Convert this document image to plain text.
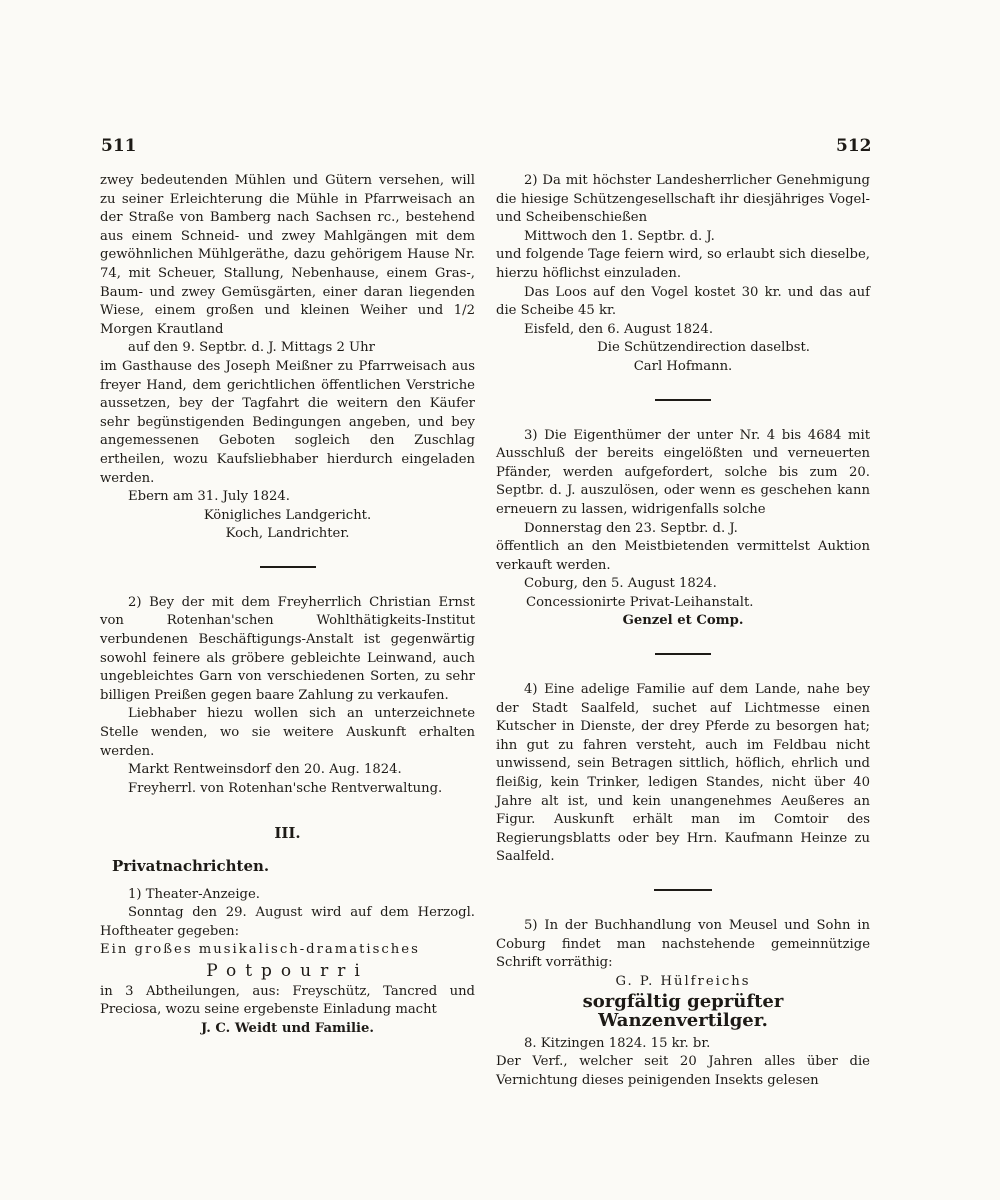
511	512

zwey bedeutenden Mühlen und Gütern versehen, will zu seiner Erleichterung die Mühle in Pfarrweisach an der Straße von Bamberg nach Sachsen rc., bestehend aus einem Schneid- und zwey Mahlgängen mit dem gewöhnlichen Mühlgeräthe, dazu gehörigem Hause Nr. 74, mit Scheuer, Stallung, Nebenhause, einem Gras-, Baum- und zwey Gemüsgärten, einer daran liegenden Wiese, einem großen und kleinen Weiher und 1/2 Morgen Krautland

auf den 9. Septbr. d. J. Mittags 2 Uhr

im Gasthause des Joseph Meißner zu Pfarrweisach aus freyer Hand, dem gerichtlichen öffentlichen Verstriche aussetzen, bey der Tagfahrt die weitern den Käufer sehr begünstigenden Bedingungen angeben, und bey angemessenen Geboten sogleich den Zuschlag ertheilen, wozu Kaufsliebhaber hierdurch eingeladen werden.

Ebern am 31. July 1824.

Königliches Landgericht.

Koch, Landrichter.

2) Bey der mit dem Freyherrlich Christian Ernst von Rotenhan'schen Wohlthätigkeits-Institut verbundenen Beschäftigungs-Anstalt ist gegenwärtig sowohl feinere als gröbere gebleichte Leinwand, auch ungebleichtes Garn von verschiedenen Sorten, zu sehr billigen Preißen gegen baare Zahlung zu verkaufen.

Liebhaber hiezu wollen sich an unterzeichnete Stelle wenden, wo sie weitere Auskunft erhalten werden.

Markt Rentweinsdorf den 20. Aug. 1824.

Freyherrl. von Rotenhan'sche Rentverwaltung.

III.
Privatnachrichten.

1) Theater-Anzeige.

Sonntag den 29. August wird auf dem Herzogl. Hoftheater gegeben:

Ein großes musikalisch-dramatisches

Potpourri

in 3 Abtheilungen, aus: Freyschütz, Tancred und Preciosa, wozu seine ergebenste Einladung macht

J. C. Weidt und Familie.

2) Da mit höchster Landesherrlicher Genehmigung die hiesige Schützengesellschaft ihr diesjähriges Vogel- und Scheibenschießen

Mittwoch den 1. Septbr. d. J.

und folgende Tage feiern wird, so erlaubt sich dieselbe, hierzu höflichst einzuladen.

Das Loos auf den Vogel kostet 30 kr. und das auf die Scheibe 45 kr.

Eisfeld, den 6. August 1824.

Die Schützendirection daselbst.

Carl Hofmann.

3) Die Eigenthümer der unter Nr. 4 bis 4684 mit Ausschluß der bereits eingelößten und verneuerten Pfänder, werden aufgefordert, solche bis zum 20. Septbr. d. J. auszulösen, oder wenn es geschehen kann erneuern zu lassen, widrigenfalls solche

Donnerstag den 23. Septbr. d. J.

öffentlich an den Meistbietenden vermittelst Auktion verkauft werden.

Coburg, den 5. August 1824.

Concessionirte Privat-Leihanstalt.

Genzel et Comp.

4) Eine adelige Familie auf dem Lande, nahe bey der Stadt Saalfeld, suchet auf Lichtmesse einen Kutscher in Dienste, der drey Pferde zu besorgen hat; ihn gut zu fahren versteht, auch im Feldbau nicht unwissend, sein Betragen sittlich, höflich, ehrlich und fleißig, kein Trinker, ledigen Standes, nicht über 40 Jahre alt ist, und kein unangenehmes Aeußeres an Figur. Auskunft erhält man im Comtoir des Regierungsblatts oder bey Hrn. Kaufmann Heinze zu Saalfeld.

5) In der Buchhandlung von Meusel und Sohn in Coburg findet man nachstehende gemeinnützige Schrift vorräthig:

G. P. Hülfreichs

sorgfältig geprüfter Wanzenvertilger.

8. Kitzingen 1824. 15 kr. br.

Der Verf., welcher seit 20 Jahren alles über die Vernichtung dieses peinigenden Insekts gelesen
